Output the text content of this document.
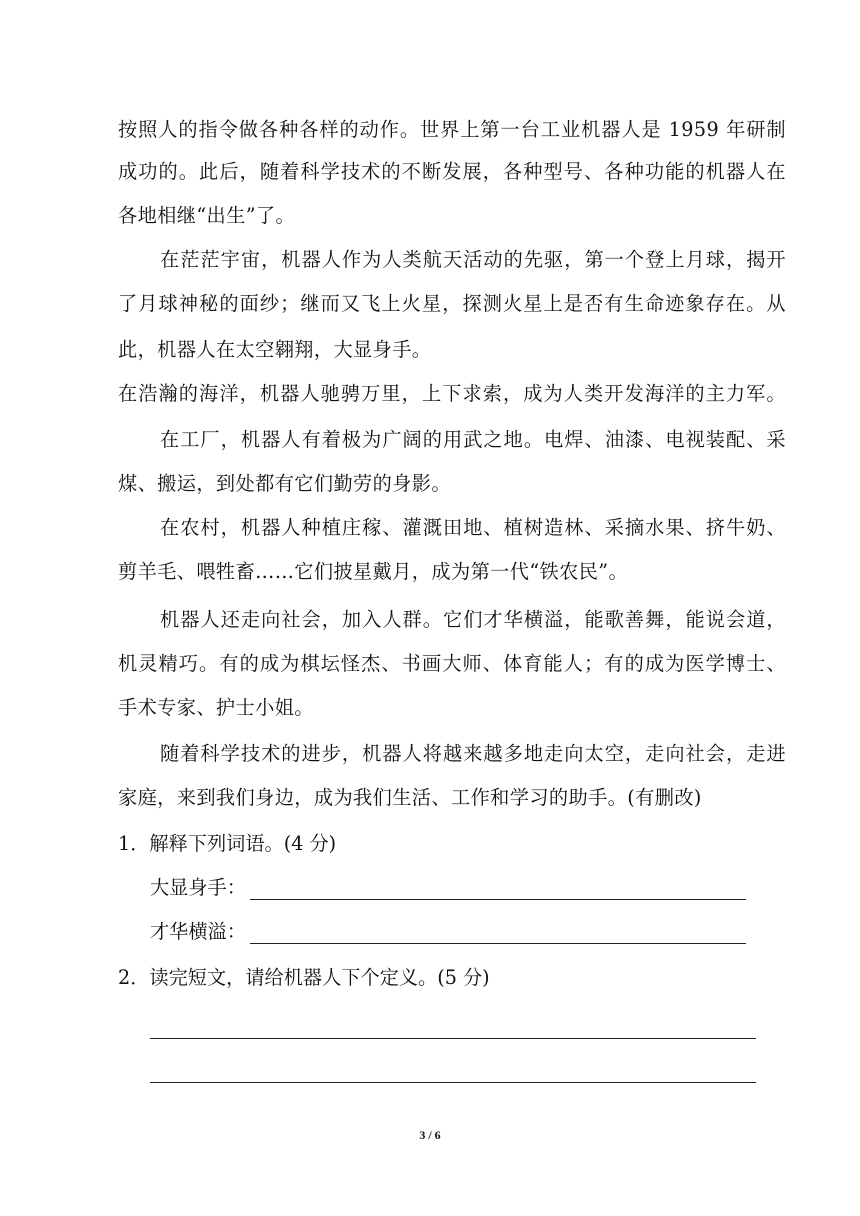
按照人的指令做各种各样的动作。世界上第一台工业机器人是 1959 年研制
成功的。此后，随着科学技术的不断发展，各种型号、各种功能的机器人在
各地相继“出生”了。
在茫茫宇宙，机器人作为人类航天活动的先驱，第一个登上月球，揭开
了月球神秘的面纱；继而又飞上火星，探测火星上是否有生命迹象存在。从
此，机器人在太空翱翔，大显身手。
在浩瀚的海洋，机器人驰骋万里，上下求索，成为人类开发海洋的主力军。
在工厂，机器人有着极为广阔的用武之地。电焊、油漆、电视装配、采
煤、搬运，到处都有它们勤劳的身影。
在农村，机器人种植庄稼、灌溉田地、植树造林、采摘水果、挤牛奶、
剪羊毛、喂牲畜……它们披星戴月，成为第一代“铁农民”。
机器人还走向社会，加入人群。它们才华横溢，能歌善舞，能说会道，
机灵精巧。有的成为棋坛怪杰、书画大师、体育能人；有的成为医学博士、
手术专家、护士小姐。
随着科学技术的进步，机器人将越来越多地走向太空，走向社会，走进
家庭，来到我们身边，成为我们生活、工作和学习的助手。(有删改)
1．解释下列词语。(4 分)
大显身手：
才华横溢：
2．读完短文，请给机器人下个定义。(5 分)
3 / 6
